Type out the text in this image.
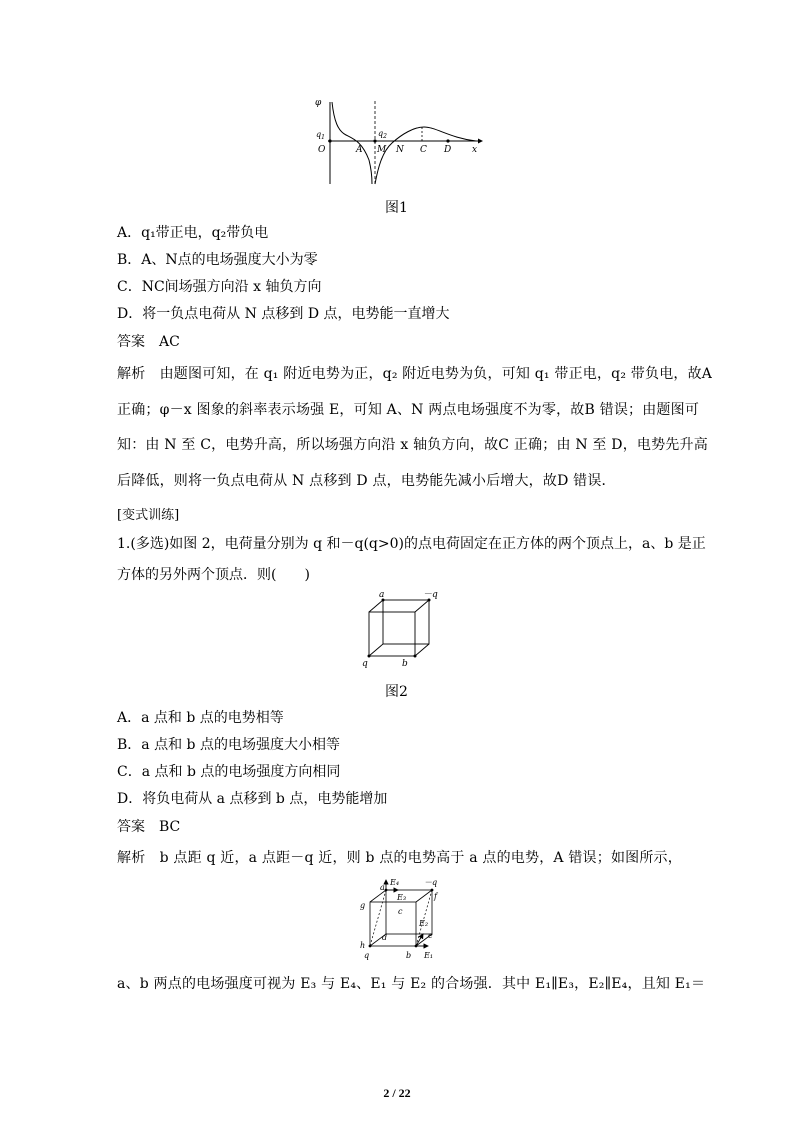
φ
$q_1$	$q_2$
O	A M N C D x
图1
A．q₁带正电，q₂带负电
B．A、N点的电场强度大小为零
C．NC间场强方向沿 x 轴负方向
D．将一负点电荷从 N 点移到 D 点，电势能一直增大
答案　AC
解析　由题图可知，在 q₁ 附近电势为正，q₂ 附近电势为负，可知 q₁ 带正电，q₂ 带负电，故A
正确；φ－x 图象的斜率表示场强 E，可知 A、N 两点电场强度不为零，故B 错误；由题图可
知：由 N 至 C，电势升高，所以场强方向沿 x 轴负方向，故C 正确；由 N 至 D，电势先升高
后降低，则将一负点电荷从 N 点移到 D 点，电势能先减小后增大，故D 错误．
[变式训练]
1.(多选)如图 2，电荷量分别为 q 和－q(q>0)的点电荷固定在正方体的两个顶点上，a、b 是正
方体的另外两个顶点．则(　　)
a	－q
q	b
图2
A．a 点和 b 点的电势相等
B．a 点和 b 点的电场强度大小相等
C．a 点和 b 点的电场强度方向相同
D．将负电荷从 a 点移到 b 点，电势能增加
答案　BC
解析　b 点距 q 近，a 点距－q 近，则 b 点的电势高于 a 点的电势，A 错误；如图所示，
a
E₄	－q
E₃	f
g
c
E₂
e
d
h
q	b E₁
a、b 两点的电场强度可视为 E₃ 与 E₄、E₁ 与 E₂ 的合场强．其中 E₁∥E₃，E₂∥E₄，且知 E₁＝
2 / 22
